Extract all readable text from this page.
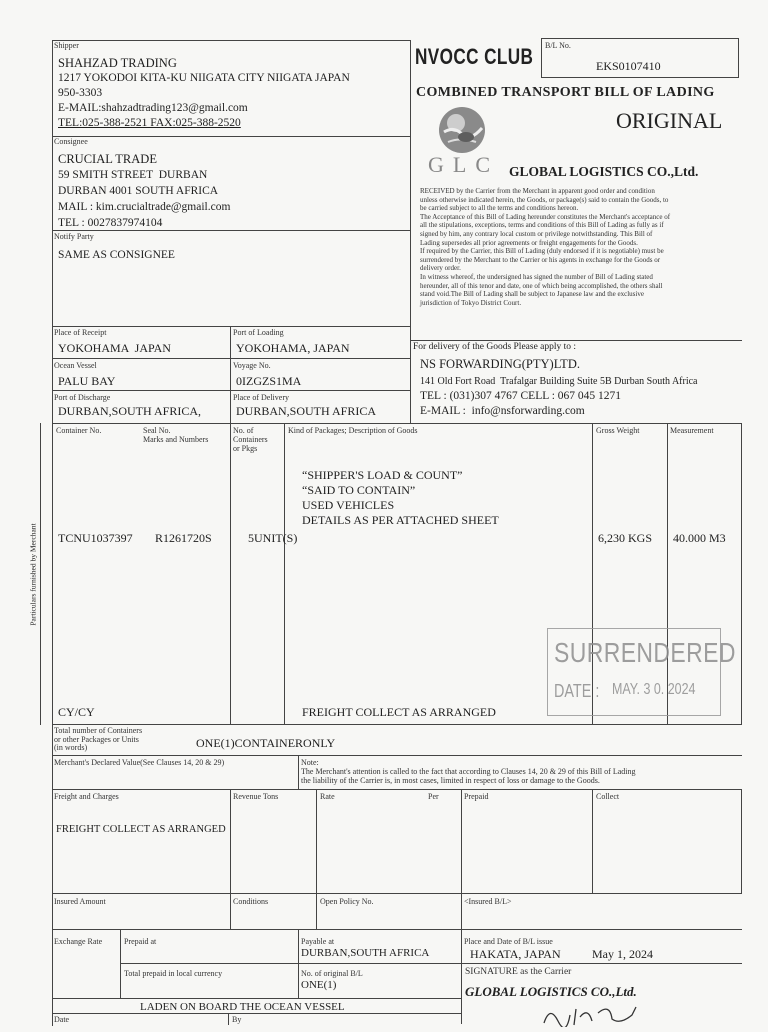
Shipper
SHAHZAD TRADING
1217 YOKODOI KITA-KU NIIGATA CITY NIIGATA JAPAN
950-3303
E-MAIL:shahzadtrading123@gmail.com
TEL:025-388-2521 FAX:025-388-2520
NVOCC CLUB B/L No.
EKS0107410
COMBINED TRANSPORT BILL OF LADING
ORIGINAL
GLC GLOBAL LOGISTICS CO.,Ltd.
Consignee
CRUCIAL TRADE
59 SMITH STREET  DURBAN
DURBAN 4001 SOUTH AFRICA
MAIL : kim.crucialtrade@gmail.com
TEL : 0027837974104
Notify Party
SAME AS CONSIGNEE
RECEIVED by the Carrier from the Merchant in apparent good order and condition
unless otherwise indicated herein, the Goods, or package(s) said to contain the Goods, to
be carried subject to all the terms and conditions hereon.
The Acceptance of this Bill of Lading hereunder constitutes the Merchant's acceptance of
all the stipulations, exceptions, terms and conditions of this Bill of Lading as fully as if
signed by him, any contrary local custom or privilege notwithstanding. This Bill of
Lading supersedes all prior agreements or freight engagements for the Goods.
If required by the Carrier, this Bill of Lading (duly endorsed if it is negotiable) must be
surrendered by the Merchant to the Carrier or his agents in exchange for the Goods or
delivery order.
In witness whereof, the undersigned has signed the number of Bill of Lading stated
hereunder, all of this tenor and date, one of which being accomplished, the others shall
stand void.The Bill of Lading shall be subject to Japanese law and the exclusive
jurisdiction of Tokyo District Court.
Place of Receipt
YOKOHAMA  JAPAN
Port of Loading
YOKOHAMA, JAPAN
Ocean Vessel
PALU BAY
Voyage No.
0IZGZS1MA
Port of Discharge
DURBAN,SOUTH AFRICA,
Place of Delivery
DURBAN,SOUTH AFRICA
For delivery of the Goods Please apply to :
NS FORWARDING(PTY)LTD.
141 Old Fort Road  Trafalgar Building Suite 5B Durban South Africa
TEL : (031)307 4767 CELL : 067 045 1271
E-MAIL :  info@nsforwarding.com
Particulars furnished by Merchant
Container No.	Seal No.
Marks and Numbers
No. of
Containers
or Pkgs
Kind of Packages; Description of Goods	Gross Weight	Measurement
“SHIPPER'S LOAD & COUNT”
“SAID TO CONTAIN”
USED VEHICLES
DETAILS AS PER ATTACHED SHEET
TCNU1037397 R1261720S	5UNIT(S)	6,230 KGS 40.000 M3
CY/CY	FREIGHT COLLECT AS ARRANGED
SURRENDERED
DATE : MAY. 3 0. 2024
Total number of Containers
or other Packages or Units
(in words)	ONE(1)CONTAINERONLY
Merchant's Declared Value(See Clauses 14, 20 & 29)	Note:
The Merchant's attention is called to the fact that according to Clauses 14, 20 & 29 of this Bill of Lading
the liability of the Carrier is, in most cases, limited in respect of loss or damage to the Goods.
Freight and Charges	Revenue Tons	Rate	Per	Prepaid	Collect
FREIGHT COLLECT AS ARRANGED
Insured Amount	Conditions	Open Policy No.	<Insured B/L>
Exchange Rate	Prepaid at	Payable at
DURBAN,SOUTH AFRICA
Place and Date of B/L issue
HAKATA, JAPAN	May 1, 2024
Total prepaid in local currency	No. of original B/L
ONE(1)
SIGNATURE as the Carrier
GLOBAL LOGISTICS CO.,Ltd.
LADEN ON BOARD THE OCEAN VESSEL
Date	By
